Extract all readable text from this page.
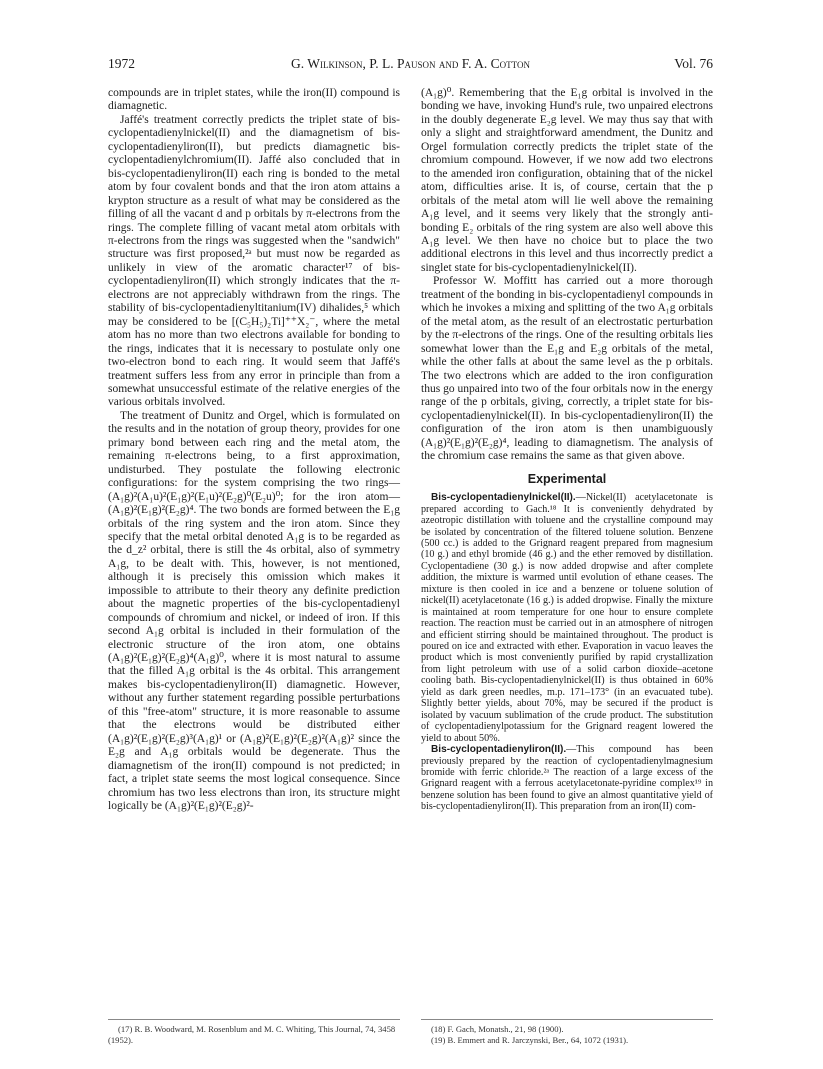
1972	G. Wilkinson, P. L. Pauson and F. A. Cotton	Vol. 76

compounds are in triplet states, while the iron(II) compound is diamagnetic.

Jaffé's treatment correctly predicts the triplet state of bis-cyclopentadienylnickel(II) and the diamagnetism of bis-cyclopentadienyliron(II), but predicts diamagnetic bis-cyclopentadienylchromium(II). Jaffé also concluded that in bis-cyclopentadienyliron(II) each ring is bonded to the metal atom by four covalent bonds and that the iron atom attains a krypton structure as a result of what may be considered as the filling of all the vacant d and p orbitals by π-electrons from the rings. The complete filling of vacant metal atom orbitals with π-electrons from the rings was suggested when the "sandwich" structure was first proposed,²ᵃ but must now be regarded as unlikely in view of the aromatic character¹⁷ of bis-cyclopentadienyliron(II) which strongly indicates that the π-electrons are not appreciably withdrawn from the rings. The stability of bis-cyclopentadienyltitanium(IV) dihalides,⁵ which may be considered to be [(C₅H₅)₂Ti]⁺⁺X₂⁻, where the metal atom has no more than two electrons available for bonding to the rings, indicates that it is necessary to postulate only one two-electron bond to each ring. It would seem that Jaffé's treatment suffers less from any error in principle than from a somewhat unsuccessful estimate of the relative energies of the various orbitals involved.

The treatment of Dunitz and Orgel, which is formulated on the results and in the notation of group theory, provides for one primary bond between each ring and the metal atom, the remaining π-electrons being, to a first approximation, undisturbed. They postulate the following electronic configurations: for the system comprising the two rings—(A₁g)²(A₁u)²(E₁g)²(E₁u)²(E₂g)⁰(E₂u)⁰; for the iron atom—(A₁g)²(E₁g)²(E₂g)⁴. The two bonds are formed between the E₁g orbitals of the ring system and the iron atom. Since they specify that the metal orbital denoted A₁g is to be regarded as the d_z² orbital, there is still the 4s orbital, also of symmetry A₁g, to be dealt with. This, however, is not mentioned, although it is precisely this omission which makes it impossible to attribute to their theory any definite prediction about the magnetic properties of the bis-cyclopentadienyl compounds of chromium and nickel, or indeed of iron. If this second A₁g orbital is included in their formulation of the electronic structure of the iron atom, one obtains (A₁g)²(E₁g)²(E₂g)⁴(A₁g)⁰, where it is most natural to assume that the filled A₁g orbital is the 4s orbital. This arrangement makes bis-cyclopentadienyliron(II) diamagnetic. However, without any further statement regarding possible perturbations of this "free-atom" structure, it is more reasonable to assume that the electrons would be distributed either (A₁g)²(E₁g)²(E₂g)³(A₁g)¹ or (A₁g)²(E₁g)²(E₂g)²(A₁g)² since the E₂g and A₁g orbitals would be degenerate. Thus the diamagnetism of the iron(II) compound is not predicted; in fact, a triplet state seems the most logical consequence. Since chromium has two less electrons than iron, its structure might logically be (A₁g)²(E₁g)²(E₂g)²-

(A₁g)⁰. Remembering that the E₁g orbital is involved in the bonding we have, invoking Hund's rule, two unpaired electrons in the doubly degenerate E₂g level. We may thus say that with only a slight and straightforward amendment, the Dunitz and Orgel formulation correctly predicts the triplet state of the chromium compound. However, if we now add two electrons to the amended iron configuration, obtaining that of the nickel atom, difficulties arise. It is, of course, certain that the p orbitals of the metal atom will lie well above the remaining A₁g level, and it seems very likely that the strongly anti-bonding E₂ orbitals of the ring system are also well above this A₁g level. We then have no choice but to place the two additional electrons in this level and thus incorrectly predict a singlet state for bis-cyclopentadienylnickel(II).

Professor W. Moffitt has carried out a more thorough treatment of the bonding in bis-cyclopentadienyl compounds in which he invokes a mixing and splitting of the two A₁g orbitals of the metal atom, as the result of an electrostatic perturbation by the π-electrons of the rings. One of the resulting orbitals lies somewhat lower than the E₁g and E₂g orbitals of the metal, while the other falls at about the same level as the p orbitals. The two electrons which are added to the iron configuration thus go unpaired into two of the four orbitals now in the energy range of the p orbitals, giving, correctly, a triplet state for bis-cyclopentadienylnickel(II). In bis-cyclopentadienyliron(II) the configuration of the iron atom is then unambiguously (A₁g)²(E₁g)²(E₂g)⁴, leading to diamagnetism. The analysis of the chromium case remains the same as that given above.

Experimental

Bis-cyclopentadienylnickel(II).—Nickel(II) acetylacetonate is prepared according to Gach.¹⁸ It is conveniently dehydrated by azeotropic distillation with toluene and the crystalline compound may be isolated by concentration of the filtered toluene solution. Benzene (500 cc.) is added to the Grignard reagent prepared from magnesium (10 g.) and ethyl bromide (46 g.) and the ether removed by distillation. Cyclopentadiene (30 g.) is now added dropwise and after complete addition, the mixture is warmed until evolution of ethane ceases. The mixture is then cooled in ice and a benzene or toluene solution of nickel(II) acetylacetonate (16 g.) is added dropwise. Finally the mixture is maintained at room temperature for one hour to ensure complete reaction. The reaction must be carried out in an atmosphere of nitrogen and efficient stirring should be maintained throughout. The product is poured on ice and extracted with ether. Evaporation in vacuo leaves the product which is most conveniently purified by rapid crystallization from light petroleum with use of a solid carbon dioxide–acetone cooling bath. Bis-cyclopentadienylnickel(II) is thus obtained in 60% yield as dark green needles, m.p. 171–173° (in an evacuated tube). Slightly better yields, about 70%, may be secured if the product is isolated by vacuum sublimation of the crude product. The substitution of cyclopentadienylpotassium for the Grignard reagent lowered the yield to about 50%.

Bis-cyclopentadienyliron(II).—This compound has been previously prepared by the reaction of cyclopentadienylmagnesium bromide with ferric chloride.²ᵃ The reaction of a large excess of the Grignard reagent with a ferrous acetylacetonate-pyridine complex¹⁹ in benzene solution has been found to give an almost quantitative yield of bis-cyclopentadienyliron(II). This preparation from an iron(II) com-

(17) R. B. Woodward, M. Rosenblum and M. C. Whiting, This Journal, 74, 3458 (1952).

(18) F. Gach, Monatsh., 21, 98 (1900).

(19) B. Emmert and R. Jarczynski, Ber., 64, 1072 (1931).
